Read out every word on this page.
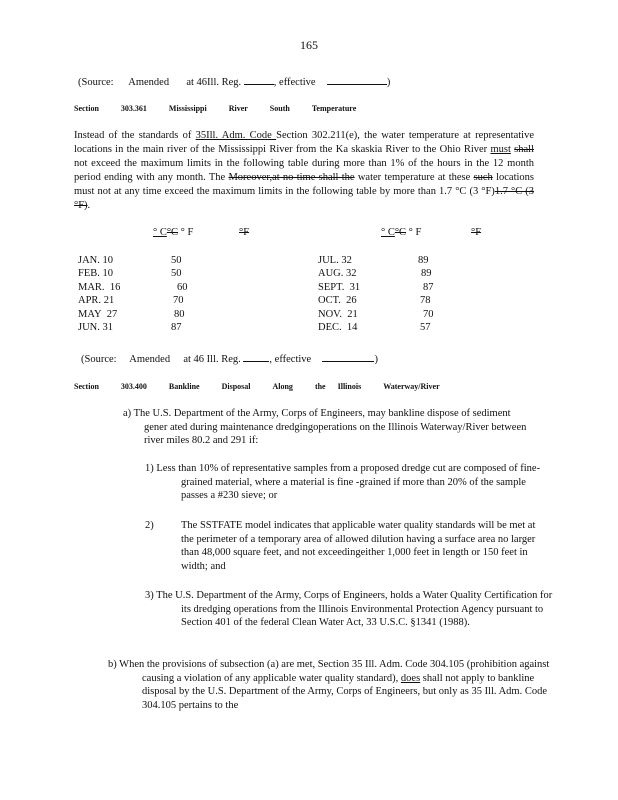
165
(Source: Amended at 46Ill. Reg.	, effective	)
Section	303.361	Mississippi	River	South	Temperature
Instead of the standards of 35Ill. Adm. Code Section 302.211(e), the water temperature at representative locations in the main river of the Mississippi River from the Ka skaskia River to the Ohio River must shall not exceed the maximum limits in the following table during more than 1% of the hours in the 12 month period ending with any month. The Moreover,at no time shall the water temperature at these such locations must not at any time exceed the maximum limits in the following table by more than 1.7 °C (3 °F)1.7 °C (3 °F).
° C°C ° F	°F	° C°C ° F	°F
JAN. 10	50
FEB. 10	50
MAR. 16	60
APR. 21	70
MAY 27	80
JUN. 31	87
JUL. 32	89
AUG. 32	89
SEPT. 31	87
OCT. 26	78
NOV. 21	70
DEC. 14	57
(Source: Amended at 46 Ill. Reg.	, effective	)
Section	303.400	Bankline	Disposal	Along	the Illinois	Waterway/River
a) The U.S. Department of the Army, Corps of Engineers, may bankline dispose of sediment gener ated during maintenance dredgingoperations on the Illinois Waterway/River between river miles 80.2 and 291 if:
1) Less than 10% of representative samples from a proposed dredge cut are composed of fine- grained material, where a material is fine -grained if more than 20% of the sample passes a #230 sieve; or
2)	The SSTFATE model indicates that applicable water quality standards will be met at the perimeter of a temporary area of allowed dilution having a surface area no larger than 48,000 square feet, and not exceedingeither 1,000 feet in length or 150 feet in width; and
3) The U.S. Department of the Army, Corps of Engineers, holds a Water Quality Certification for its dredging operations from the Illinois Environmental Protection Agency pursuant to Section 401 of the federal Clean Water Act, 33 U.S.C. §1341 (1988).
b) When the provisions of subsection (a) are met, Section 35 Ill. Adm. Code 304.105 (prohibition against causing a violation of any applicable water quality standard), does shall not apply to bankline disposal by the U.S. Department of the Army, Corps of Engineers, but only as 35 Ill. Adm. Code 304.105 pertains to the
